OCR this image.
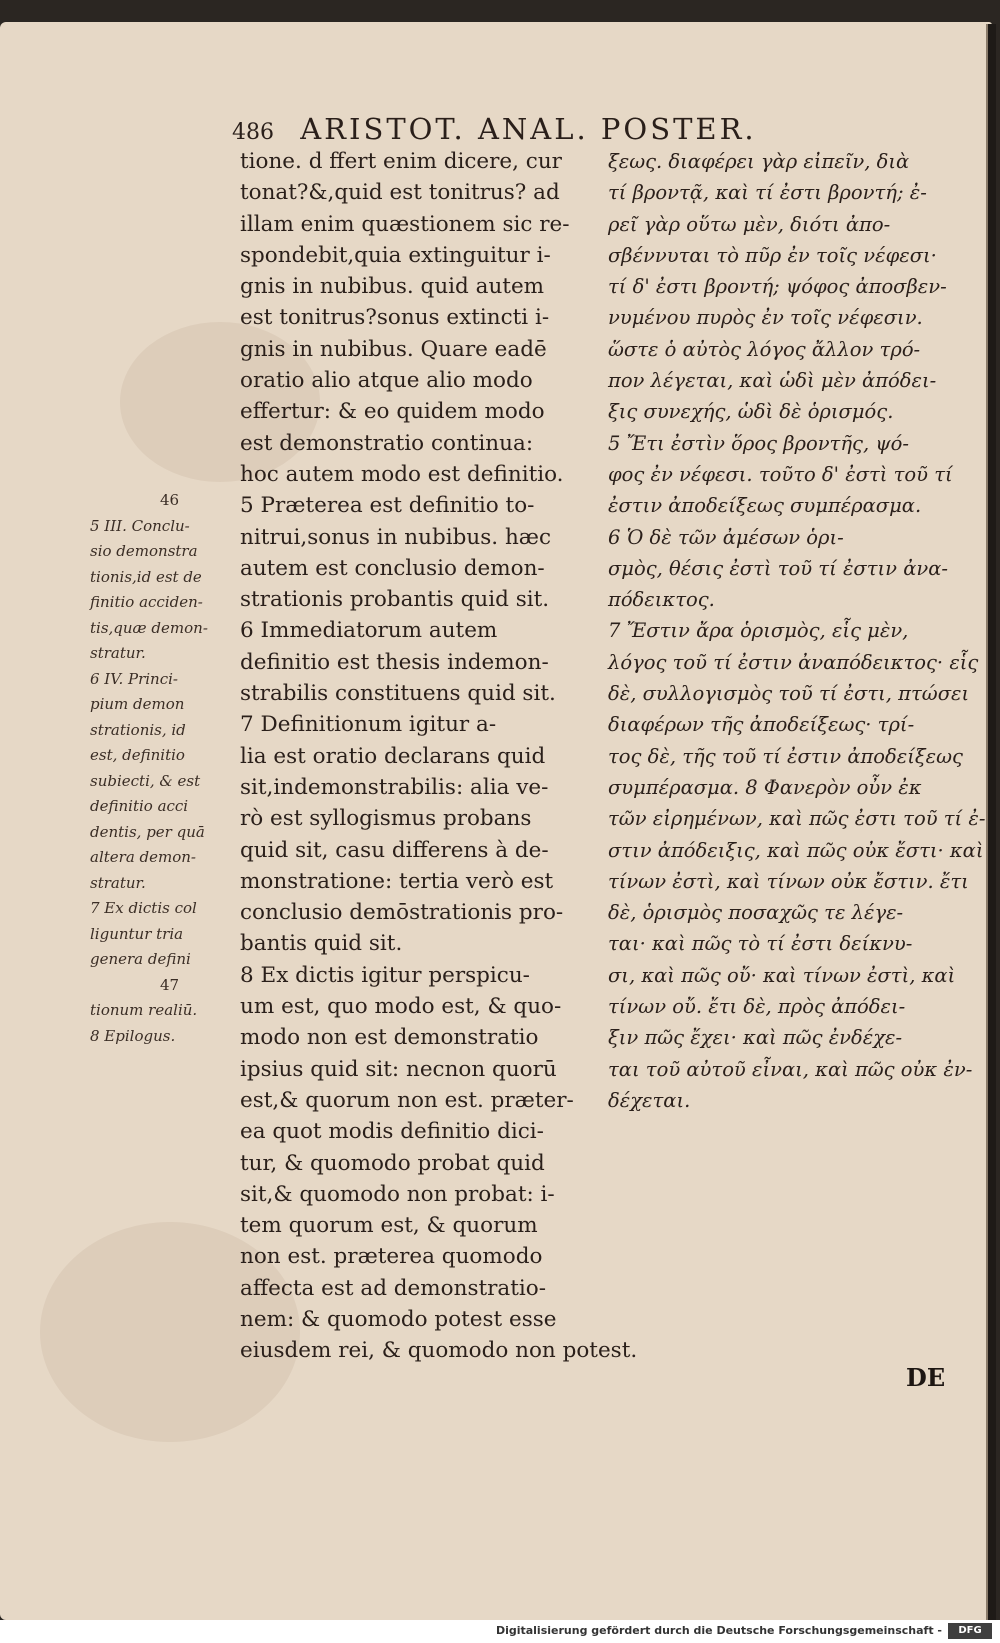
486 ARISTOT. ANAL. POSTER.
tione. d ffert enim dicere, cur
tonat?&,quid est tonitrus? ad
illam enim quæstionem sic re-
spondebit,quia extinguitur i-
gnis in nubibus. quid autem
est tonitrus?sonus extincti i-
gnis in nubibus. Quare eadē
oratio alio atque alio modo
effertur: & eo quidem modo
est demonstratio continua:
hoc autem modo est definitio.
5 Præterea est definitio to-
nitrui,sonus in nubibus. hæc
autem est conclusio demon-
strationis probantis quid sit.
6 Immediatorum autem
definitio est thesis indemon-
strabilis constituens quid sit.
7 Definitionum igitur a-
lia est oratio declarans quid
sit,indemonstrabilis: alia ve-
rò est syllogismus probans
quid sit, casu differens à de-
monstratione: tertia verò est
conclusio demōstrationis pro-
bantis quid sit.
8 Ex dictis igitur perspicu-
um est, quo modo est, & quo-
modo non est demonstratio
ipsius quid sit: necnon quorū
est,& quorum non est. præter-
ea quot modis definitio dici-
tur, & quomodo probat quid
sit,& quomodo non probat: i-
tem quorum est, & quorum
non est. præterea quomodo
affecta est ad demonstratio-
nem: & quomodo potest esse
eiusdem rei, & quomodo non potest.
ξεως. διαφέρει γὰρ εἰπεῖν, διὰ
τί βροντᾷ, καὶ τί ἐστι βροντή; ἐ-
ρεῖ γὰρ οὕτω μὲν, διότι ἀπο-
σβέννυται τὸ πῦρ ἐν τοῖς νέφεσι·
τί δ' ἐστι βροντή; ψόφος ἀποσβεν-
νυμένου πυρὸς ἐν τοῖς νέφεσιν.
ὥστε ὁ αὐτὸς λόγος ἄλλον τρό-
πον λέγεται, καὶ ὡδὶ μὲν ἀπόδει-
ξις συνεχής, ὡδὶ δὲ ὁρισμός.
5 Ἔτι ἐστὶν ὅρος βροντῆς, ψό-
φος ἐν νέφεσι. τοῦτο δ' ἐστὶ τοῦ τί
ἐστιν ἀποδείξεως συμπέρασμα.
6 Ὁ δὲ τῶν ἀμέσων ὁρι-
σμὸς, θέσις ἐστὶ τοῦ τί ἐστιν ἀνα-
πόδεικτος.
7 Ἔστιν ἄρα ὁρισμὸς, εἷς μὲν,
λόγος τοῦ τί ἐστιν ἀναπόδεικτος· εἷς
δὲ, συλλογισμὸς τοῦ τί ἐστι, πτώσει
διαφέρων τῆς ἀποδείξεως· τρί-
τος δὲ, τῆς τοῦ τί ἐστιν ἀποδείξεως
συμπέρασμα. 8 Φανερὸν οὖν ἐκ
τῶν εἰρημένων, καὶ πῶς ἐστι τοῦ τί ἐ-
στιν ἀπόδειξις, καὶ πῶς οὐκ ἔστι· καὶ
τίνων ἐστὶ, καὶ τίνων οὐκ ἔστιν. ἔτι
δὲ, ὁρισμὸς ποσαχῶς τε λέγε-
ται· καὶ πῶς τὸ τί ἐστι δείκνυ-
σι, καὶ πῶς οὔ· καὶ τίνων ἐστὶ, καὶ
τίνων οὔ. ἔτι δὲ, πρὸς ἀπόδει-
ξιν πῶς ἔχει· καὶ πῶς ἐνδέχε-
ται τοῦ αὐτοῦ εἶναι, καὶ πῶς οὐκ ἐν-
δέχεται.
46
5 III. Conclu-
sio demonstra
tionis,id est de
finitio acciden-
tis,quæ demon-
stratur.
6 IV. Princi-
pium demon
strationis, id
est, definitio
subiecti, & est
definitio acci
dentis, per quā
altera demon-
stratur.
7 Ex dictis col
liguntur tria
genera defini
47
tionum realiū.
8 Epilogus.
DE
Digitalisierung gefördert durch die Deutsche Forschungsgemeinschaft -	DFG
